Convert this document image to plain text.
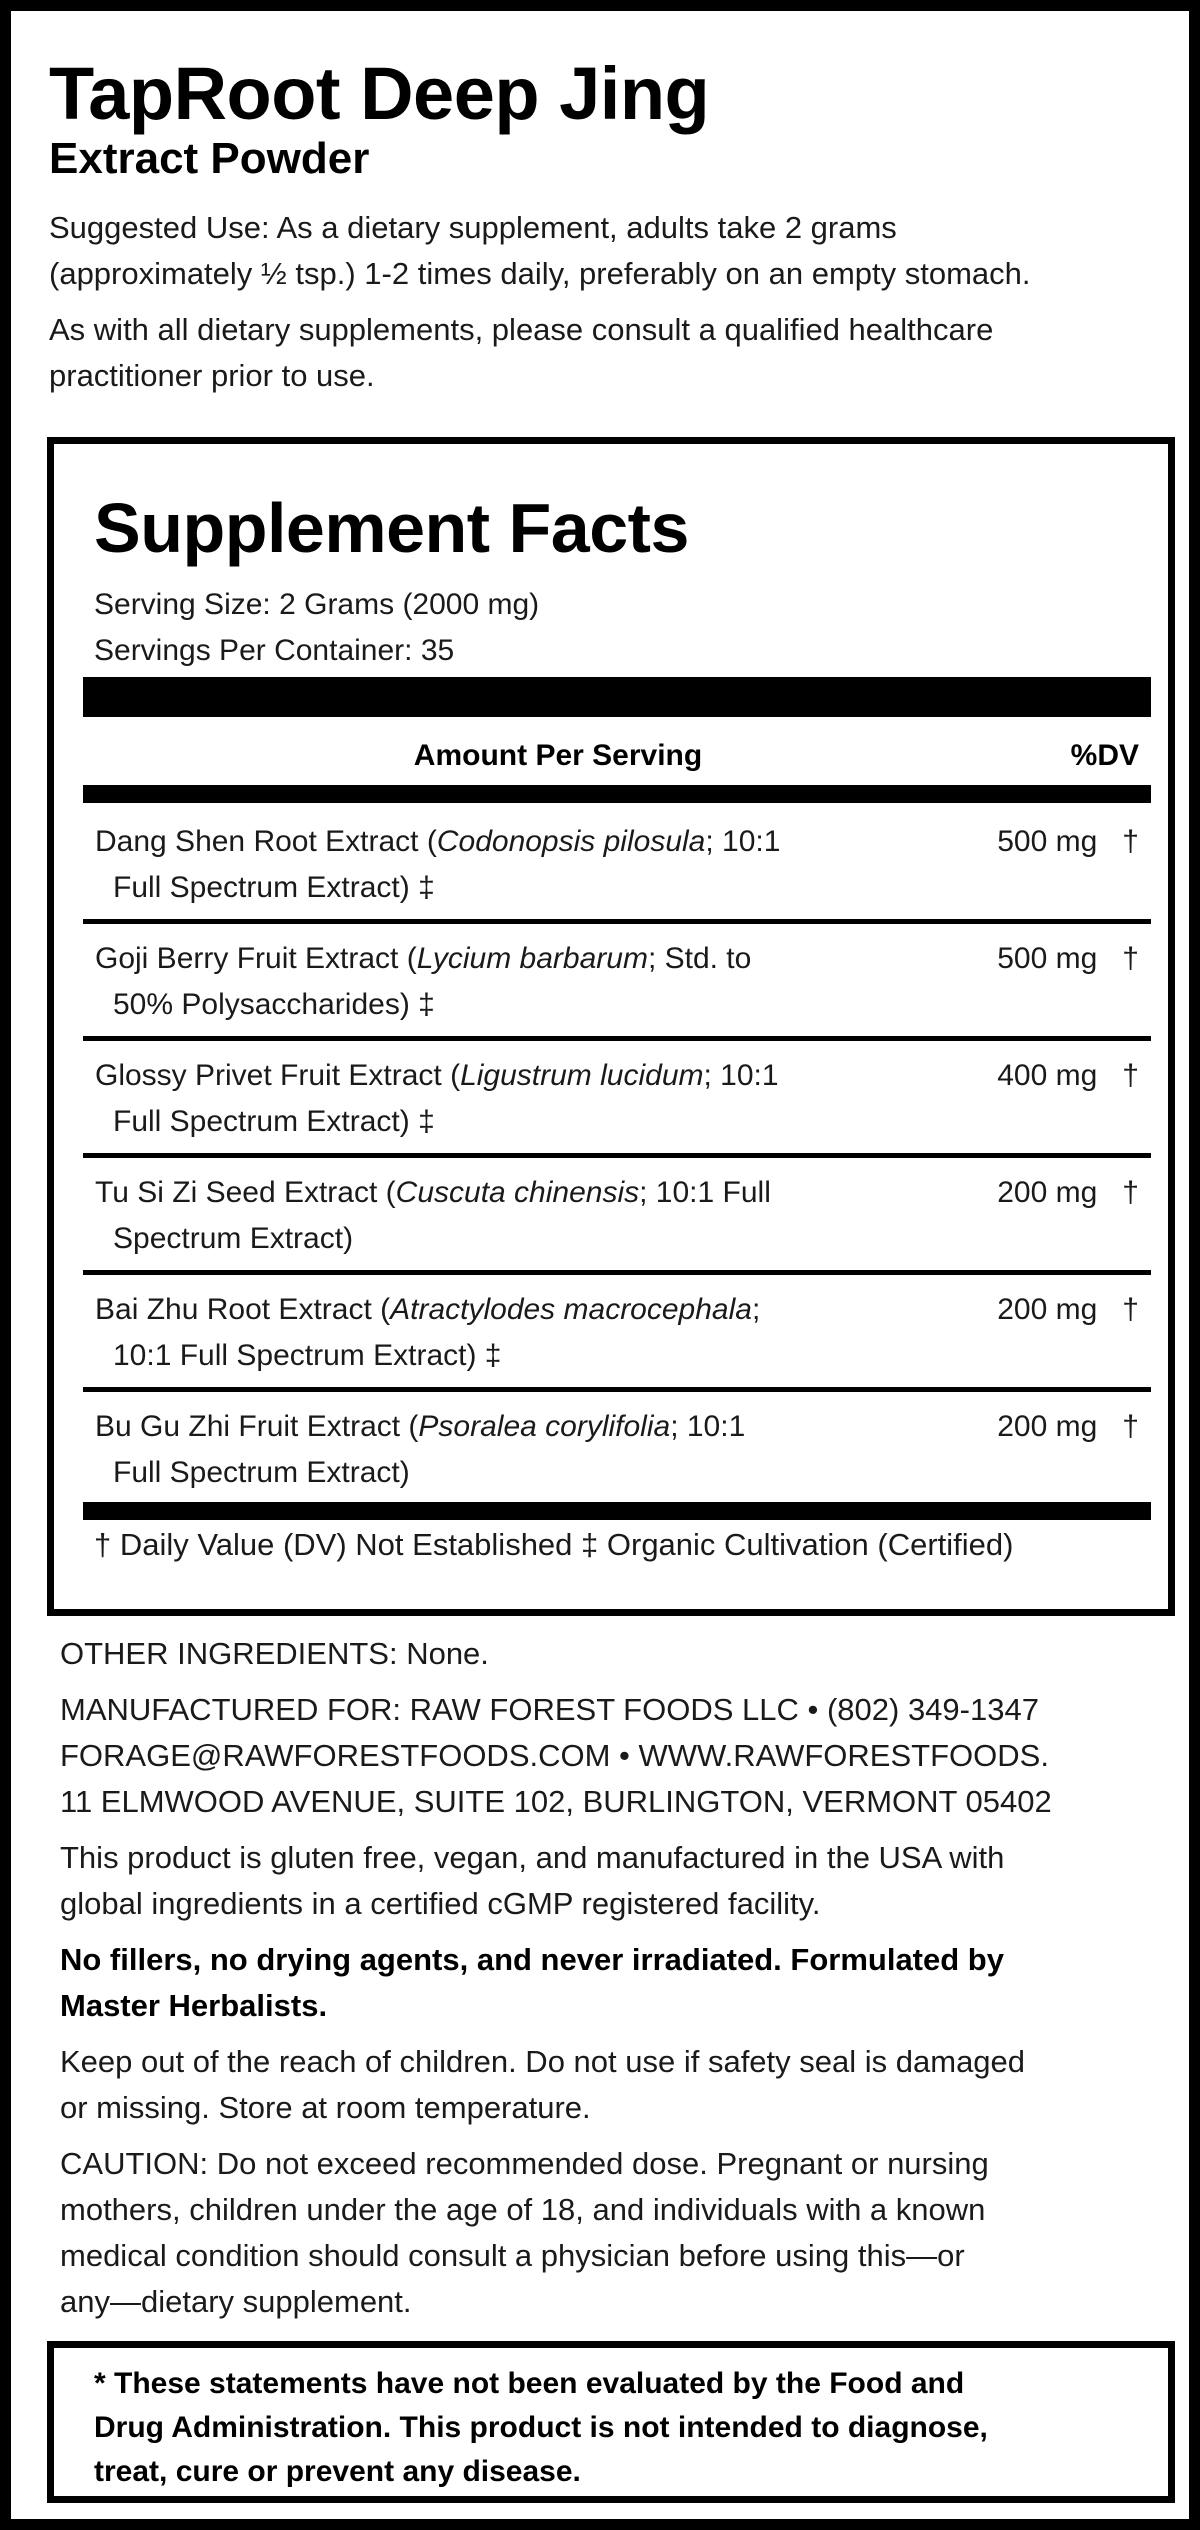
TapRoot Deep Jing
Extract Powder

Suggested Use: As a dietary supplement, adults take 2 grams
(approximately ½ tsp.) 1-2 times daily, preferably on an empty stomach.

As with all dietary supplements, please consult a qualified healthcare
practitioner prior to use.

Supplement Facts
Serving Size: 2 Grams (2000 mg)
Servings Per Container: 35
Amount Per Serving	%DV
Dang Shen Root Extract (Codonopsis pilosula; 10:1
Full Spectrum Extract) ‡
500 mg   †
Goji Berry Fruit Extract (Lycium barbarum; Std. to
50% Polysaccharides) ‡
500 mg   †
Glossy Privet Fruit Extract (Ligustrum lucidum; 10:1
Full Spectrum Extract) ‡
400 mg   †
Tu Si Zi Seed Extract (Cuscuta chinensis; 10:1 Full
Spectrum Extract)
200 mg   †
Bai Zhu Root Extract (Atractylodes macrocephala;
10:1 Full Spectrum Extract) ‡
200 mg   †
Bu Gu Zhi Fruit Extract (Psoralea corylifolia; 10:1
Full Spectrum Extract)
200 mg   †
† Daily Value (DV) Not Established ‡ Organic Cultivation (Certified)

OTHER INGREDIENTS: None.

MANUFACTURED FOR: RAW FOREST FOODS LLC • (802) 349-1347
FORAGE@RAWFORESTFOODS.COM • WWW.RAWFORESTFOODS.
11 ELMWOOD AVENUE, SUITE 102, BURLINGTON, VERMONT 05402

This product is gluten free, vegan, and manufactured in the USA with
global ingredients in a certified cGMP registered facility.

No fillers, no drying agents, and never irradiated. Formulated by
Master Herbalists.

Keep out of the reach of children. Do not use if safety seal is damaged
or missing. Store at room temperature.

CAUTION: Do not exceed recommended dose. Pregnant or nursing
mothers, children under the age of 18, and individuals with a known
medical condition should consult a physician before using this—or
any—dietary supplement.

* These statements have not been evaluated by the Food and
Drug Administration. This product is not intended to diagnose,
treat, cure or prevent any disease.
